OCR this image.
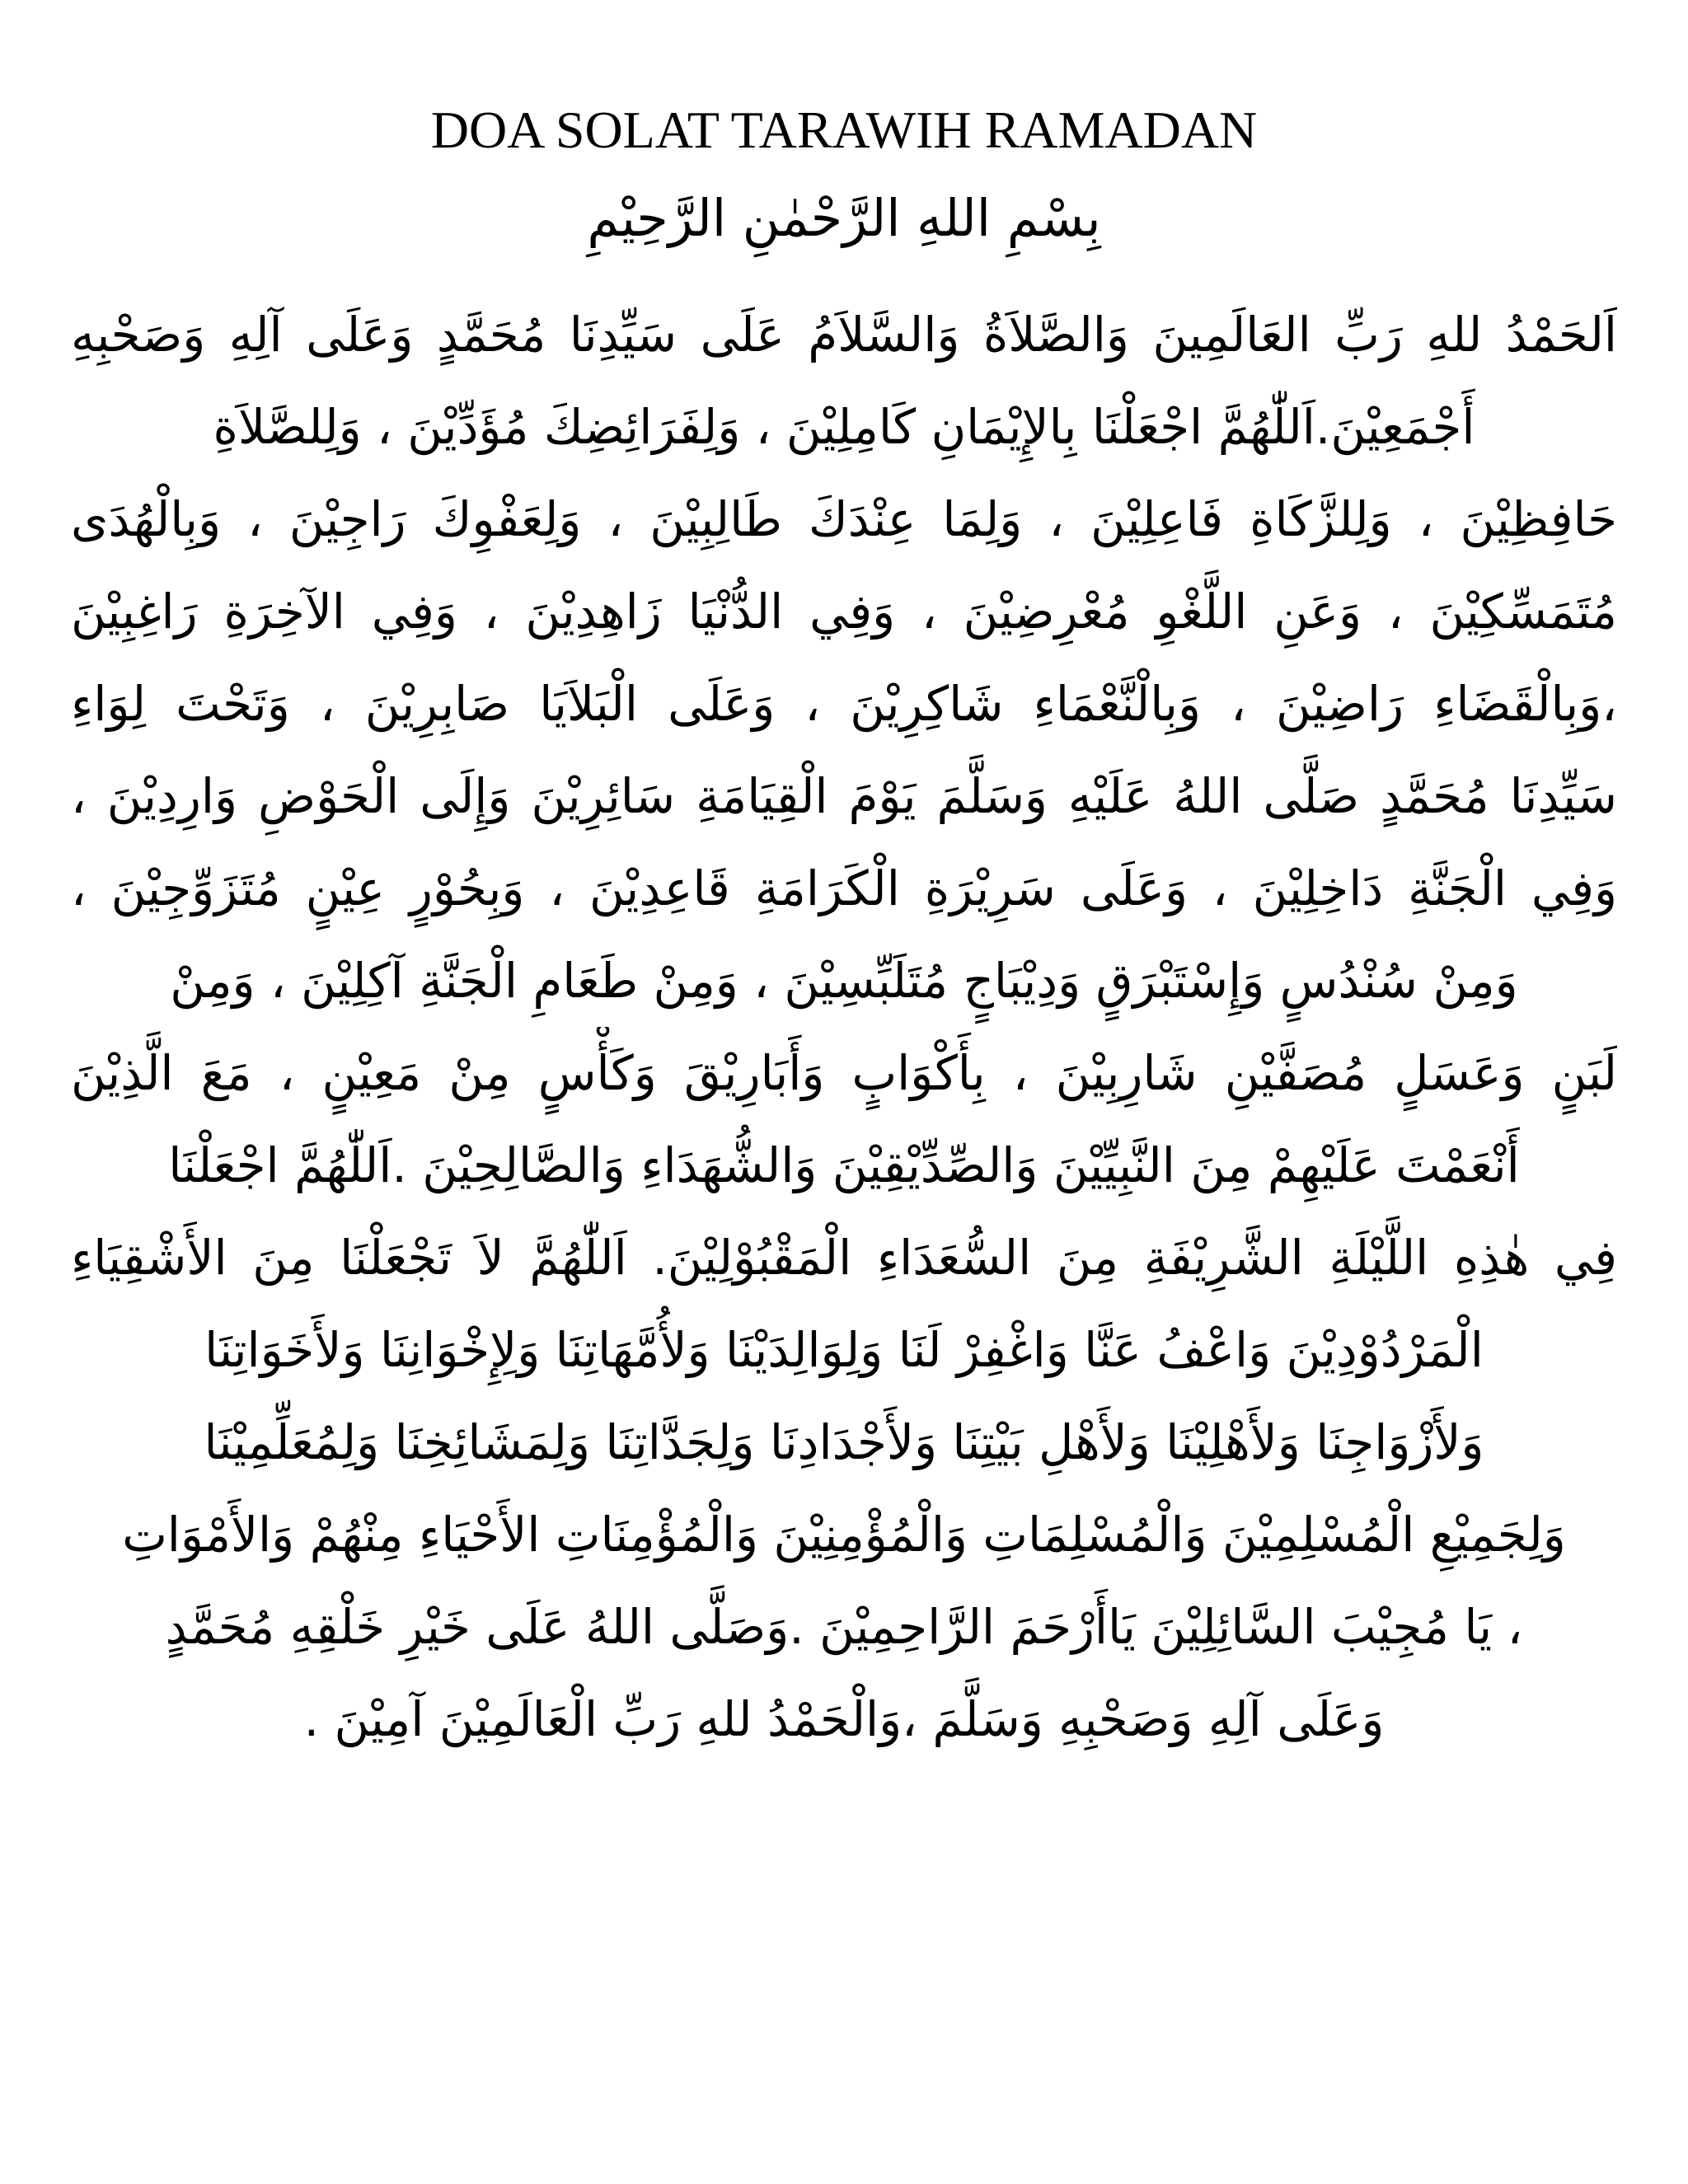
DOA SOLAT TARAWIH RAMADAN
بِسْمِ اللهِ الرَّحْمٰنِ الرَّحِيْمِ
اَلحَمْدُ للهِ رَبِّ العَالَمِينَ وَالصَّلاَةُ وَالسَّلاَمُ عَلَى سَيِّدِنَا مُحَمَّدٍ وَعَلَى آلِهِ وَصَحْبِهِ
أَجْمَعِيْنَ.اَللّٰهُمَّ اجْعَلْنَا بِالإِيْمَانِ كَامِلِيْنَ ، وَلِفَرَائِضِكَ مُؤَدِّيْنَ ، وَلِلصَّلاَةِ
حَافِظِيْنَ ، وَلِلزَّكَاةِ فَاعِلِيْنَ ، وَلِمَا عِنْدَكَ طَالِبِيْنَ ، وَلِعَفْوِكَ رَاجِيْنَ ، وَبِالْهُدَى
مُتَمَسِّكِيْنَ ، وَعَنِ اللَّغْوِ مُعْرِضِيْنَ ، وَفِي الدُّنْيَا زَاهِدِيْنَ ، وَفِي الآخِرَةِ رَاغِبِيْنَ
،وَبِالْقَضَاءِ رَاضِيْنَ ، وَبِالْنَّعْمَاءِ شَاكِرِيْنَ ، وَعَلَى الْبَلاَيَا صَابِرِيْنَ ، وَتَحْتَ لِوَاءِ
سَيِّدِنَا مُحَمَّدٍ صَلَّى اللهُ عَلَيْهِ وَسَلَّمَ يَوْمَ الْقِيَامَةِ سَائِرِيْنَ وَإِلَى الْحَوْضِ وَارِدِيْنَ ،
وَفِي الْجَنَّةِ دَاخِلِيْنَ ، وَعَلَى سَرِيْرَةِ الْكَرَامَةِ قَاعِدِيْنَ ، وَبِحُوْرٍ عِيْنٍ مُتَزَوِّجِيْنَ ،
وَمِنْ سُنْدُسٍ وَإِسْتَبْرَقٍ وَدِيْبَاجٍ مُتَلَبِّسِيْنَ ، وَمِنْ طَعَامِ الْجَنَّةِ آكِلِيْنَ ، وَمِنْ
لَبَنٍ وَعَسَلٍ مُصَفَّيْنِ شَارِبِيْنَ ، بِأَكْوَابٍ وَأَبَارِيْقَ وَكَأْسٍ مِنْ مَعِيْنٍ ، مَعَ الَّذِيْنَ
أَنْعَمْتَ عَلَيْهِمْ مِنَ النَّبِيِّيْنَ وَالصِّدِّيْقِيْنَ وَالشُّهَدَاءِ وَالصَّالِحِيْنَ .اَللّٰهُمَّ اجْعَلْنَا
فِي هٰذِهِ اللَّيْلَةِ الشَّرِيْفَةِ مِنَ السُّعَدَاءِ الْمَقْبُوْلِيْنَ. اَللّٰهُمَّ لاَ تَجْعَلْنَا مِنَ الأَشْقِيَاءِ
الْمَرْدُوْدِيْنَ وَاعْفُ عَنَّا وَاغْفِرْ لَنَا وَلِوَالِدَيْنَا وَلأُمَّهَاتِنَا وَلِإِخْوَانِنَا وَلأَخَوَاتِنَا
وَلأَزْوَاجِنَا وَلأَهْلِيْنَا وَلأَهْلِ بَيْتِنَا وَلأَجْدَادِنَا وَلِجَدَّاتِنَا وَلِمَشَائِخِنَا وَلِمُعَلِّمِيْنَا
وَلِجَمِيْعِ الْمُسْلِمِيْنَ وَالْمُسْلِمَاتِ وَالْمُؤْمِنِيْنَ وَالْمُؤْمِنَاتِ الأَحْيَاءِ مِنْهُمْ وَالأَمْوَاتِ
، يَا مُجِيْبَ السَّائِلِيْنَ يَاأَرْحَمَ الرَّاحِمِيْنَ .وَصَلَّى اللهُ عَلَى خَيْرِ خَلْقِهِ مُحَمَّدٍ
وَعَلَى آلِهِ وَصَحْبِهِ وَسَلَّمَ ،وَالْحَمْدُ للهِ رَبِّ الْعَالَمِيْنَ آمِيْنَ .
